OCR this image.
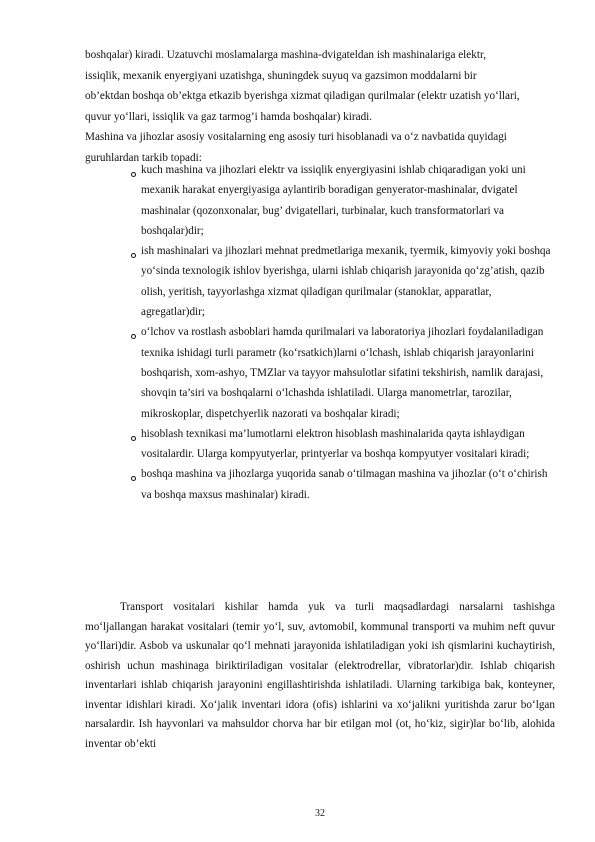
boshqalar) kiradi. Uzatuvchi moslamalarga mashina-dvigateldan ish mashinalariga elektr,

issiqlik, mexanik enyergiyani uzatishga, shuningdek suyuq va gazsimon moddalarni bir

ob’ektdan boshqa ob’ektga etkazib byerishga xizmat qiladigan qurilmalar (elektr uzatish yo‘llari,

quvur yo‘llari, issiqlik va gaz tarmog’i hamda boshqalar) kiradi.

Mashina va jihozlar asosiy vositalarning eng asosiy turi hisoblanadi va o‘z navbatida quyidagi

guruhlardan tarkib topadi:

kuch mashina va jihozlari elektr va issiqlik enyergiyasini ishlab chiqaradigan yoki uni mexanik harakat enyergiyasiga aylantirib boradigan genyerator-mashinalar, dvigatel mashinalar (qozonxonalar, bug’ dvigatellari, turbinalar, kuch transformatorlari va boshqalar)dir;
ish mashinalari va jihozlari mehnat predmetlariga mexanik, tyermik, kimyoviy yoki boshqa yo‘sinda texnologik ishlov byerishga, ularni ishlab chiqarish jarayonida qo‘zg’atish, qazib olish, yeritish, tayyorlashga xizmat qiladigan qurilmalar (stanoklar, apparatlar, agregatlar)dir;
o‘lchov va rostlash asboblari hamda qurilmalari va laboratoriya jihozlari foydalaniladigan texnika ishidagi turli parametr (ko‘rsatkich)larni o‘lchash, ishlab chiqarish jarayonlarini boshqarish, xom-ashyo, TMZlar va tayyor mahsulotlar sifatini tekshirish, namlik darajasi, shovqin ta’siri va boshqalarni o‘lchashda ishlatiladi. Ularga manometrlar, tarozilar, mikroskoplar, dispetchyerlik nazorati va boshqalar kiradi;
hisoblash texnikasi ma’lumotlarni elektron hisoblash mashinalarida qayta ishlaydigan vositalardir. Ularga kompyutyerlar, printyerlar va boshqa kompyutyer vositalari kiradi;
boshqa mashina va jihozlarga yuqorida sanab o‘tilmagan mashina va jihozlar (o‘t o‘chirish va boshqa maxsus mashinalar) kiradi.

Transport vositalari kishilar hamda yuk va turli maqsadlardagi narsalarni tashishga mo‘ljallangan harakat vositalari (temir yo‘l, suv, avtomobil, kommunal transporti va muhim neft quvur yo‘llari)dir. Asbob va uskunalar qo‘l mehnati jarayonida ishlatiladigan yoki ish qismlarini kuchaytirish, oshirish uchun mashinaga biriktiriladigan vositalar (elektrodrellar, vibratorlar)dir. Ishlab chiqarish inventarlari ishlab chiqarish jarayonini engillashtirishda ishlatiladi. Ularning tarkibiga bak, konteyner, inventar idishlari kiradi. Xo‘jalik inventari idora (ofis) ishlarini va xo‘jalikni yuritishda zarur bo‘lgan narsalardir. Ish hayvonlari va mahsuldor chorva har bir etilgan mol (ot, ho‘kiz, sigir)lar bo‘lib, alohida inventar ob’ekti

32
